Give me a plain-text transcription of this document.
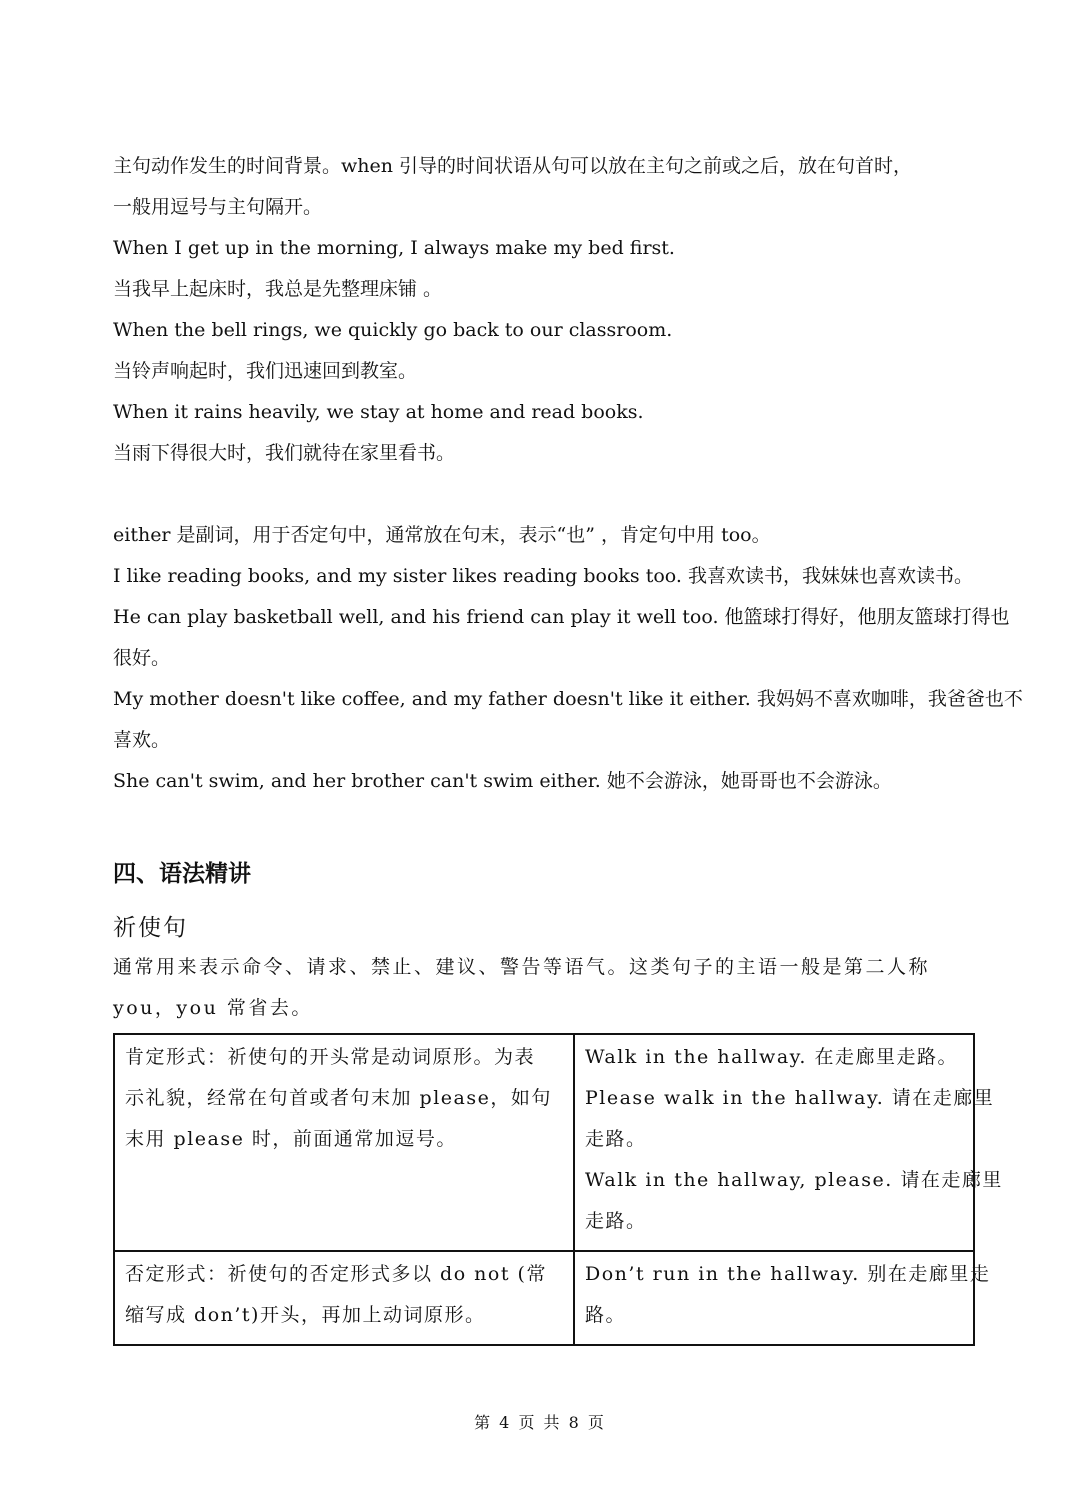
主句动作发生的时间背景。when 引导的时间状语从句可以放在主句之前或之后，放在句首时，
一般用逗号与主句隔开。
When I get up in the morning, I always make my bed first.
当我早上起床时，我总是先整理床铺 。
When the bell rings, we quickly go back to our classroom.
当铃声响起时，我们迅速回到教室。
When it rains heavily, we stay at home and read books.
当雨下得很大时，我们就待在家里看书。
either 是副词，用于否定句中，通常放在句末，表示“也” ，肯定句中用 too。
I like reading books, and my sister likes reading books too. 我喜欢读书，我妹妹也喜欢读书。
He can play basketball well, and his friend can play it well too. 他篮球打得好，他朋友篮球打得也
很好。
My mother doesn't like coffee, and my father doesn't like it either. 我妈妈不喜欢咖啡，我爸爸也不
喜欢。
She can't swim, and her brother can't swim either. 她不会游泳，她哥哥也不会游泳。
四、语法精讲
祈使句
通常用来表示命令、请求、禁止、建议、警告等语气。这类句子的主语一般是第二人称
you，you 常省去。
肯定形式：祈使句的开头常是动词原形。为表
示礼貌，经常在句首或者句末加 please，如句
末用 please 时，前面通常加逗号。	Walk in the hallway. 在走廊里走路。
Please walk in the hallway. 请在走廊里
走路。
Walk in the hallway, please. 请在走廊里
走路。

否定形式：祈使句的否定形式多以 do not (常
缩写成 don’t)开头，再加上动词原形。	Don’t run in the hallway. 别在走廊里走
路。
第 4 页 共 8 页
